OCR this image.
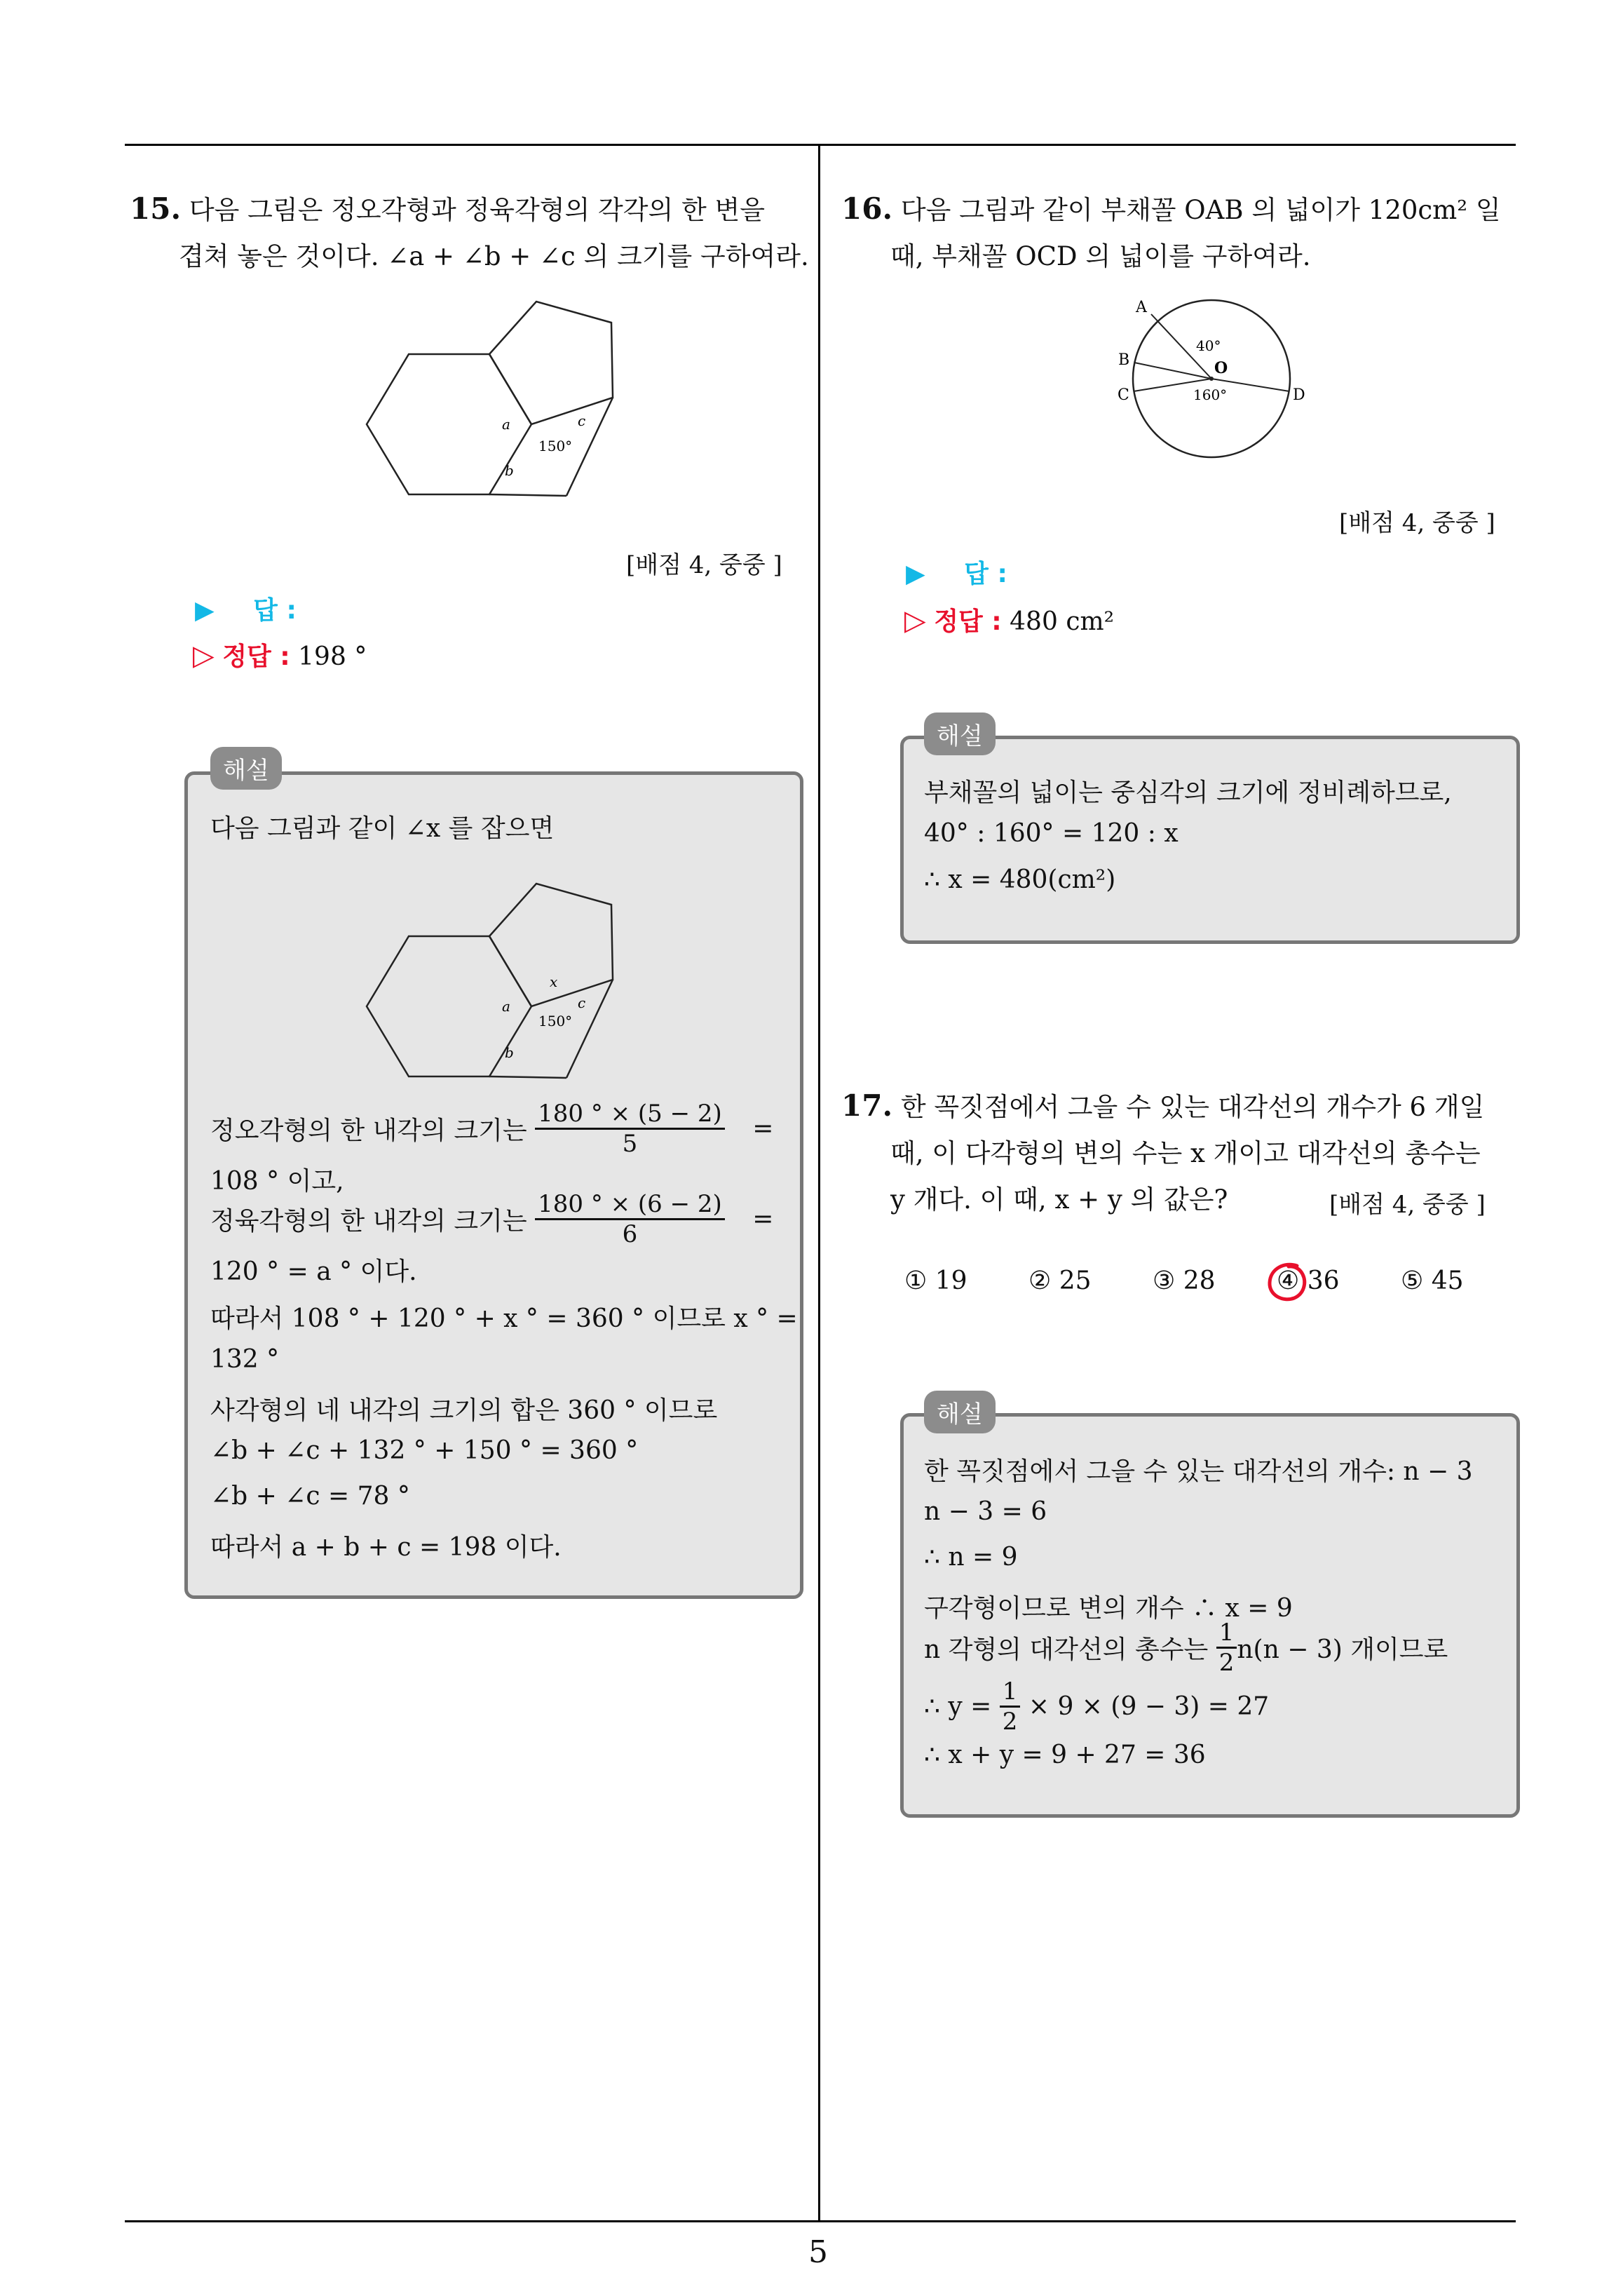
5
15. 다음 그림은 정오각형과 정육각형의 각각의 한 변을
겹쳐 놓은 것이다. ∠a + ∠b + ∠c 의 크기를 구하여라.
a
b
c
150°
[배점 4, 중중 ]
▶ 답 :
▷ 정답 : 198 °
해설
다음 그림과 같이 ∠x 를 잡으면
a
b
c
x
150°
정오각형의 한 내각의 크기는 $\frac{180 ^\circ \times (5 - 2)}{5}$ =
108 ° 이고,
정육각형의 한 내각의 크기는 $\frac{180 ^\circ \times (6 - 2)}{6}$ =
120 ° = a ° 이다.
따라서 108 ° + 120 ° + x ° = 360 ° 이므로 x ° =
132 °
사각형의 네 내각의 크기의 합은 360 ° 이므로
∠b + ∠c + 132 ° + 150 ° = 360 °
∠b + ∠c = 78 °
따라서 a + b + c = 198 이다.
16. 다음 그림과 같이 부채꼴 OAB 의 넓이가 120cm² 일
때, 부채꼴 OCD 의 넓이를 구하여라.
A
B
C	D
O
40°
160°
[배점 4, 중중 ]
▶ 답 :
▷ 정답 : 480 cm²
해설
부채꼴의 넓이는 중심각의 크기에 정비례하므로,
40° : 160° = 120 : x
∴ x = 480(cm²)
17. 한 꼭짓점에서 그을 수 있는 대각선의 개수가 6 개일
때, 이 다각형의 변의 수는 x 개이고 대각선의 총수는
y 개다. 이 때, x + y 의 값은?	[배점 4, 중중 ]
① 19 ② 25 ③ 28 ④ 36 ⑤ 45
해설
한 꼭짓점에서 그을 수 있는 대각선의 개수: n − 3
n − 3 = 6
∴ n = 9
구각형이므로 변의 개수 ∴ x = 9
n 각형의 대각선의 총수는 $\frac{1}{2} n(n - 3)$ 개이므로
∴ $y = \frac{1}{2} \times 9 \times (9 - 3) = 27$
∴ x + y = 9 + 27 = 36
